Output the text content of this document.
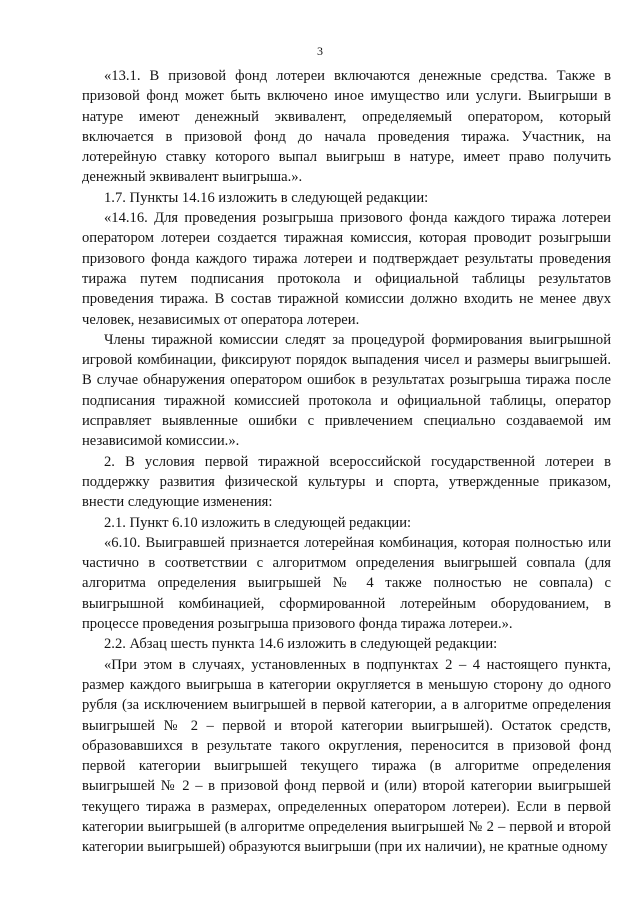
3

«13.1. В призовой фонд лотереи включаются денежные средства. Также в призовой фонд может быть включено иное имущество или услуги. Выигрыши в натуре имеют денежный эквивалент, определяемый оператором, который включается в призовой фонд до начала проведения тиража. Участник, на лотерейную ставку которого выпал выигрыш в натуре, имеет право получить денежный эквивалент выигрыша.».

1.7. Пункты 14.16 изложить в следующей редакции:

«14.16. Для проведения розыгрыша призового фонда каждого тиража лотереи оператором лотереи создается тиражная комиссия, которая проводит розыгрыши призового фонда каждого тиража лотереи и подтверждает результаты проведения тиража путем подписания протокола и официальной таблицы результатов проведения тиража. В состав тиражной комиссии должно входить не менее двух человек, независимых от оператора лотереи.

Члены тиражной комиссии следят за процедурой формирования выигрышной игровой комбинации, фиксируют порядок выпадения чисел и размеры выигрышей. В случае обнаружения оператором ошибок в результатах розыгрыша тиража после подписания тиражной комиссией протокола и официальной таблицы, оператор исправляет выявленные ошибки с привлечением специально создаваемой им независимой комиссии.».

2. В условия первой тиражной всероссийской государственной лотереи в поддержку развития физической культуры и спорта, утвержденные приказом, внести следующие изменения:

2.1. Пункт 6.10 изложить в следующей редакции:

«6.10. Выигравшей признается лотерейная комбинация, которая полностью или частично в соответствии с алгоритмом определения выигрышей совпала (для алгоритма определения выигрышей № 4 также полностью не совпала) с выигрышной комбинацией, сформированной лотерейным оборудованием, в процессе проведения розыгрыша призового фонда тиража лотереи.».

2.2. Абзац шесть пункта 14.6 изложить в следующей редакции:

«При этом в случаях, установленных в подпунктах 2 – 4 настоящего пункта, размер каждого выигрыша в категории округляется в меньшую сторону до одного рубля (за исключением выигрышей в первой категории, а в алгоритме определения выигрышей № 2 – первой и второй категории выигрышей). Остаток средств, образовавшихся в результате такого округления, переносится в призовой фонд первой категории выигрышей текущего тиража (в алгоритме определения выигрышей № 2 – в призовой фонд первой и (или) второй категории выигрышей текущего тиража в размерах, определенных оператором лотереи). Если в первой категории выигрышей (в алгоритме определения выигрышей № 2 – первой и второй категории выигрышей) образуются выигрыши (при их наличии), не кратные одному
